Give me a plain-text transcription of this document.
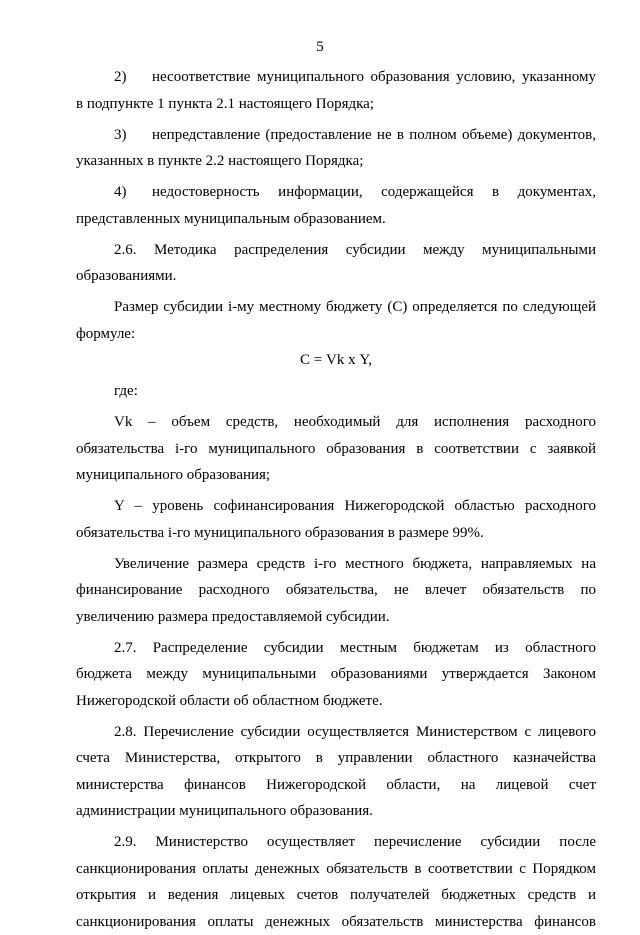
5
2) несоответствие муниципального образования условию, указанному
в подпункте 1 пункта 2.1 настоящего Порядка;
3) непредставление (предоставление не в полном объеме) документов,
указанных в пункте 2.2 настоящего Порядка;
4) недостоверность информации, содержащейся в документах,
представленных муниципальным образованием.
2.6. Методика распределения субсидии между муниципальными
образованиями.
Размер субсидии i-му местному бюджету (С) определяется по следующей
формуле:
С = Vk х Y,
где:
Vk – объем средств, необходимый для исполнения расходного
обязательства i-го муниципального образования в соответствии с заявкой
муниципального образования;
Y – уровень софинансирования Нижегородской областью расходного
обязательства i-го муниципального образования в размере 99%.
Увеличение размера средств i-го местного бюджета, направляемых на
финансирование расходного обязательства, не влечет обязательств по
увеличению размера предоставляемой субсидии.
2.7. Распределение субсидии местным бюджетам из областного
бюджета между муниципальными образованиями утверждается Законом
Нижегородской области об областном бюджете.
2.8. Перечисление субсидии осуществляется Министерством с лицевого
счета Министерства, открытого в управлении областного казначейства
министерства финансов Нижегородской области, на лицевой счет
администрации муниципального образования.
2.9. Министерство осуществляет перечисление субсидии после
санкционирования оплаты денежных обязательств в соответствии с Порядком
открытия и ведения лицевых счетов получателей бюджетных средств и
санкционирования оплаты денежных обязательств министерства финансов
